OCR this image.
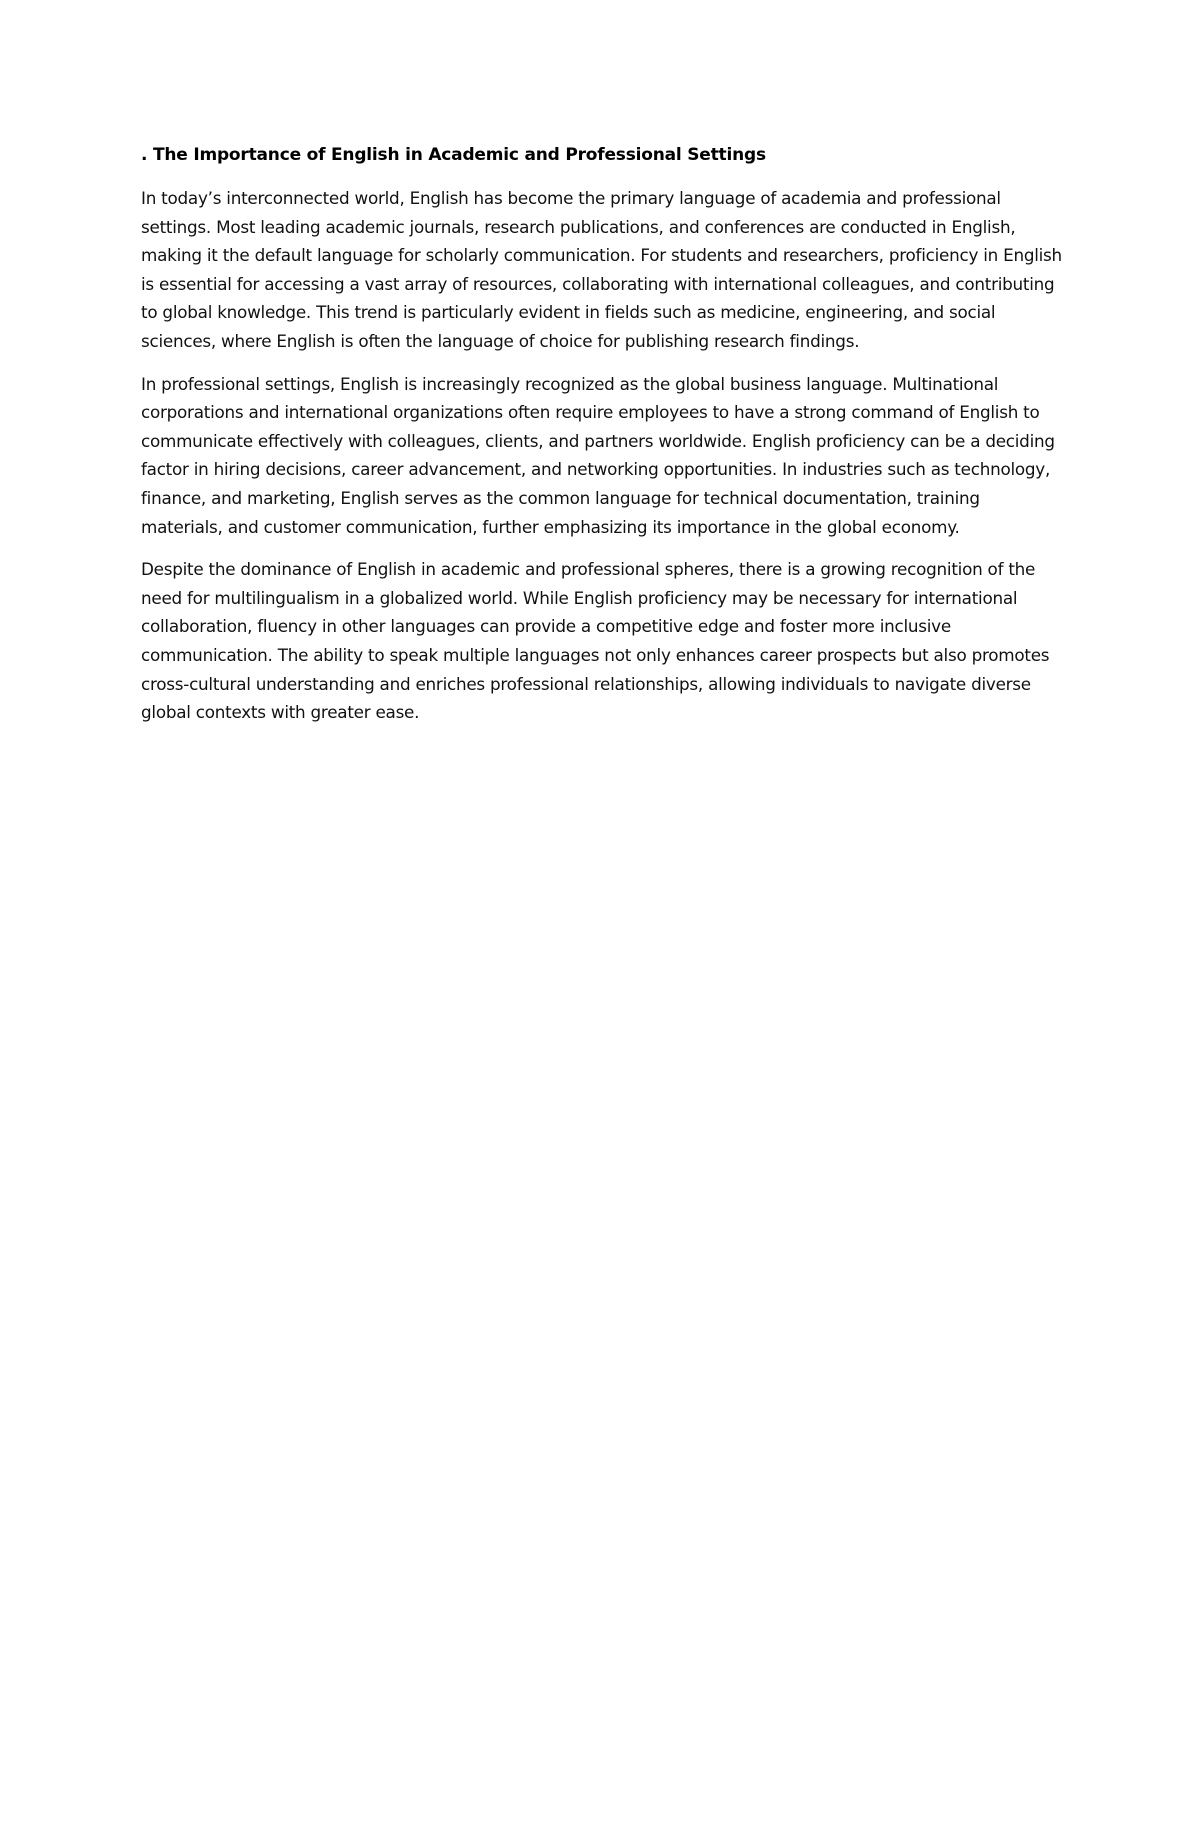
. The Importance of English in Academic and Professional Settings

In today’s interconnected world, English has become the primary language of academia and professional settings. Most leading academic journals, research publications, and conferences are conducted in English, making it the default language for scholarly communication. For students and researchers, proficiency in English is essential for accessing a vast array of resources, collaborating with international colleagues, and contributing to global knowledge. This trend is particularly evident in fields such as medicine, engineering, and social sciences, where English is often the language of choice for publishing research findings.

In professional settings, English is increasingly recognized as the global business language. Multinational corporations and international organizations often require employees to have a strong command of English to communicate effectively with colleagues, clients, and partners worldwide. English proficiency can be a deciding factor in hiring decisions, career advancement, and networking opportunities. In industries such as technology, finance, and marketing, English serves as the common language for technical documentation, training materials, and customer communication, further emphasizing its importance in the global economy.

Despite the dominance of English in academic and professional spheres, there is a growing recognition of the need for multilingualism in a globalized world. While English proficiency may be necessary for international collaboration, fluency in other languages can provide a competitive edge and foster more inclusive communication. The ability to speak multiple languages not only enhances career prospects but also promotes cross-cultural understanding and enriches professional relationships, allowing individuals to navigate diverse global contexts with greater ease.
